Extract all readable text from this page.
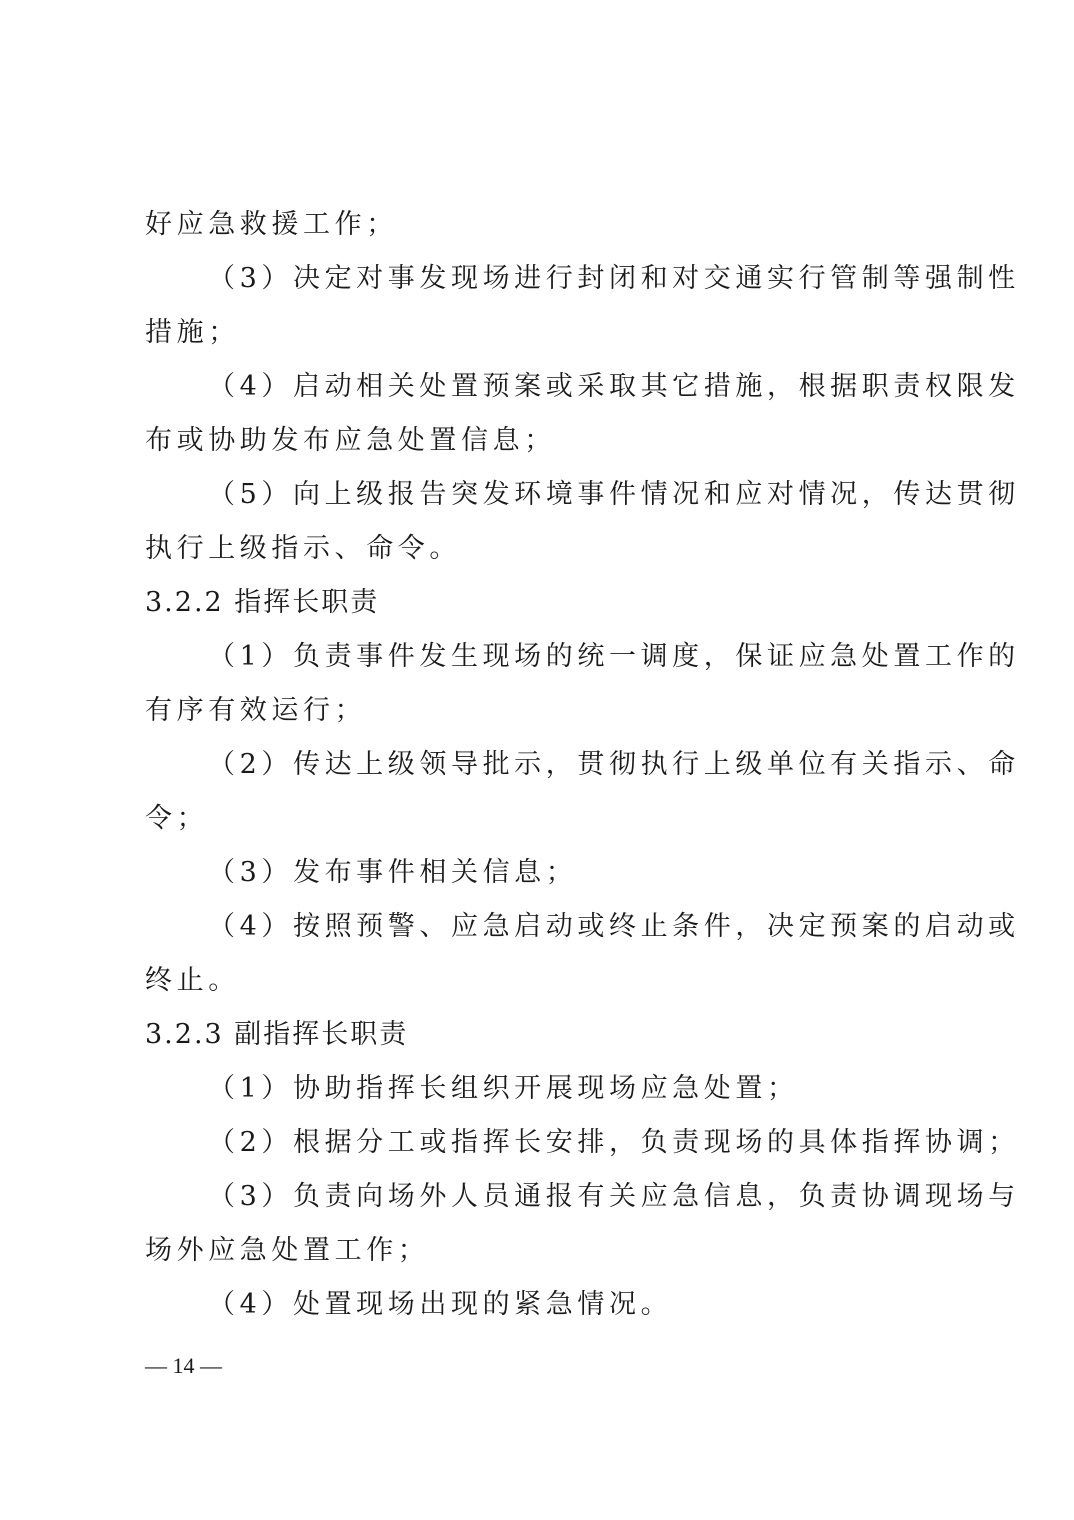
好应急救援工作；
（3）决定对事发现场进行封闭和对交通实行管制等强制性
措施；
（4）启动相关处置预案或采取其它措施，根据职责权限发
布或协助发布应急处置信息；
（5）向上级报告突发环境事件情况和应对情况，传达贯彻
执行上级指示、命令。
3.2.2 指挥长职责
（1）负责事件发生现场的统一调度，保证应急处置工作的
有序有效运行；
（2）传达上级领导批示，贯彻执行上级单位有关指示、命
令；
（3）发布事件相关信息；
（4）按照预警、应急启动或终止条件，决定预案的启动或
终止。
3.2.3 副指挥长职责
（1）协助指挥长组织开展现场应急处置；
（2）根据分工或指挥长安排，负责现场的具体指挥协调；
（3）负责向场外人员通报有关应急信息，负责协调现场与
场外应急处置工作；
（4）处置现场出现的紧急情况。
— 14 —
